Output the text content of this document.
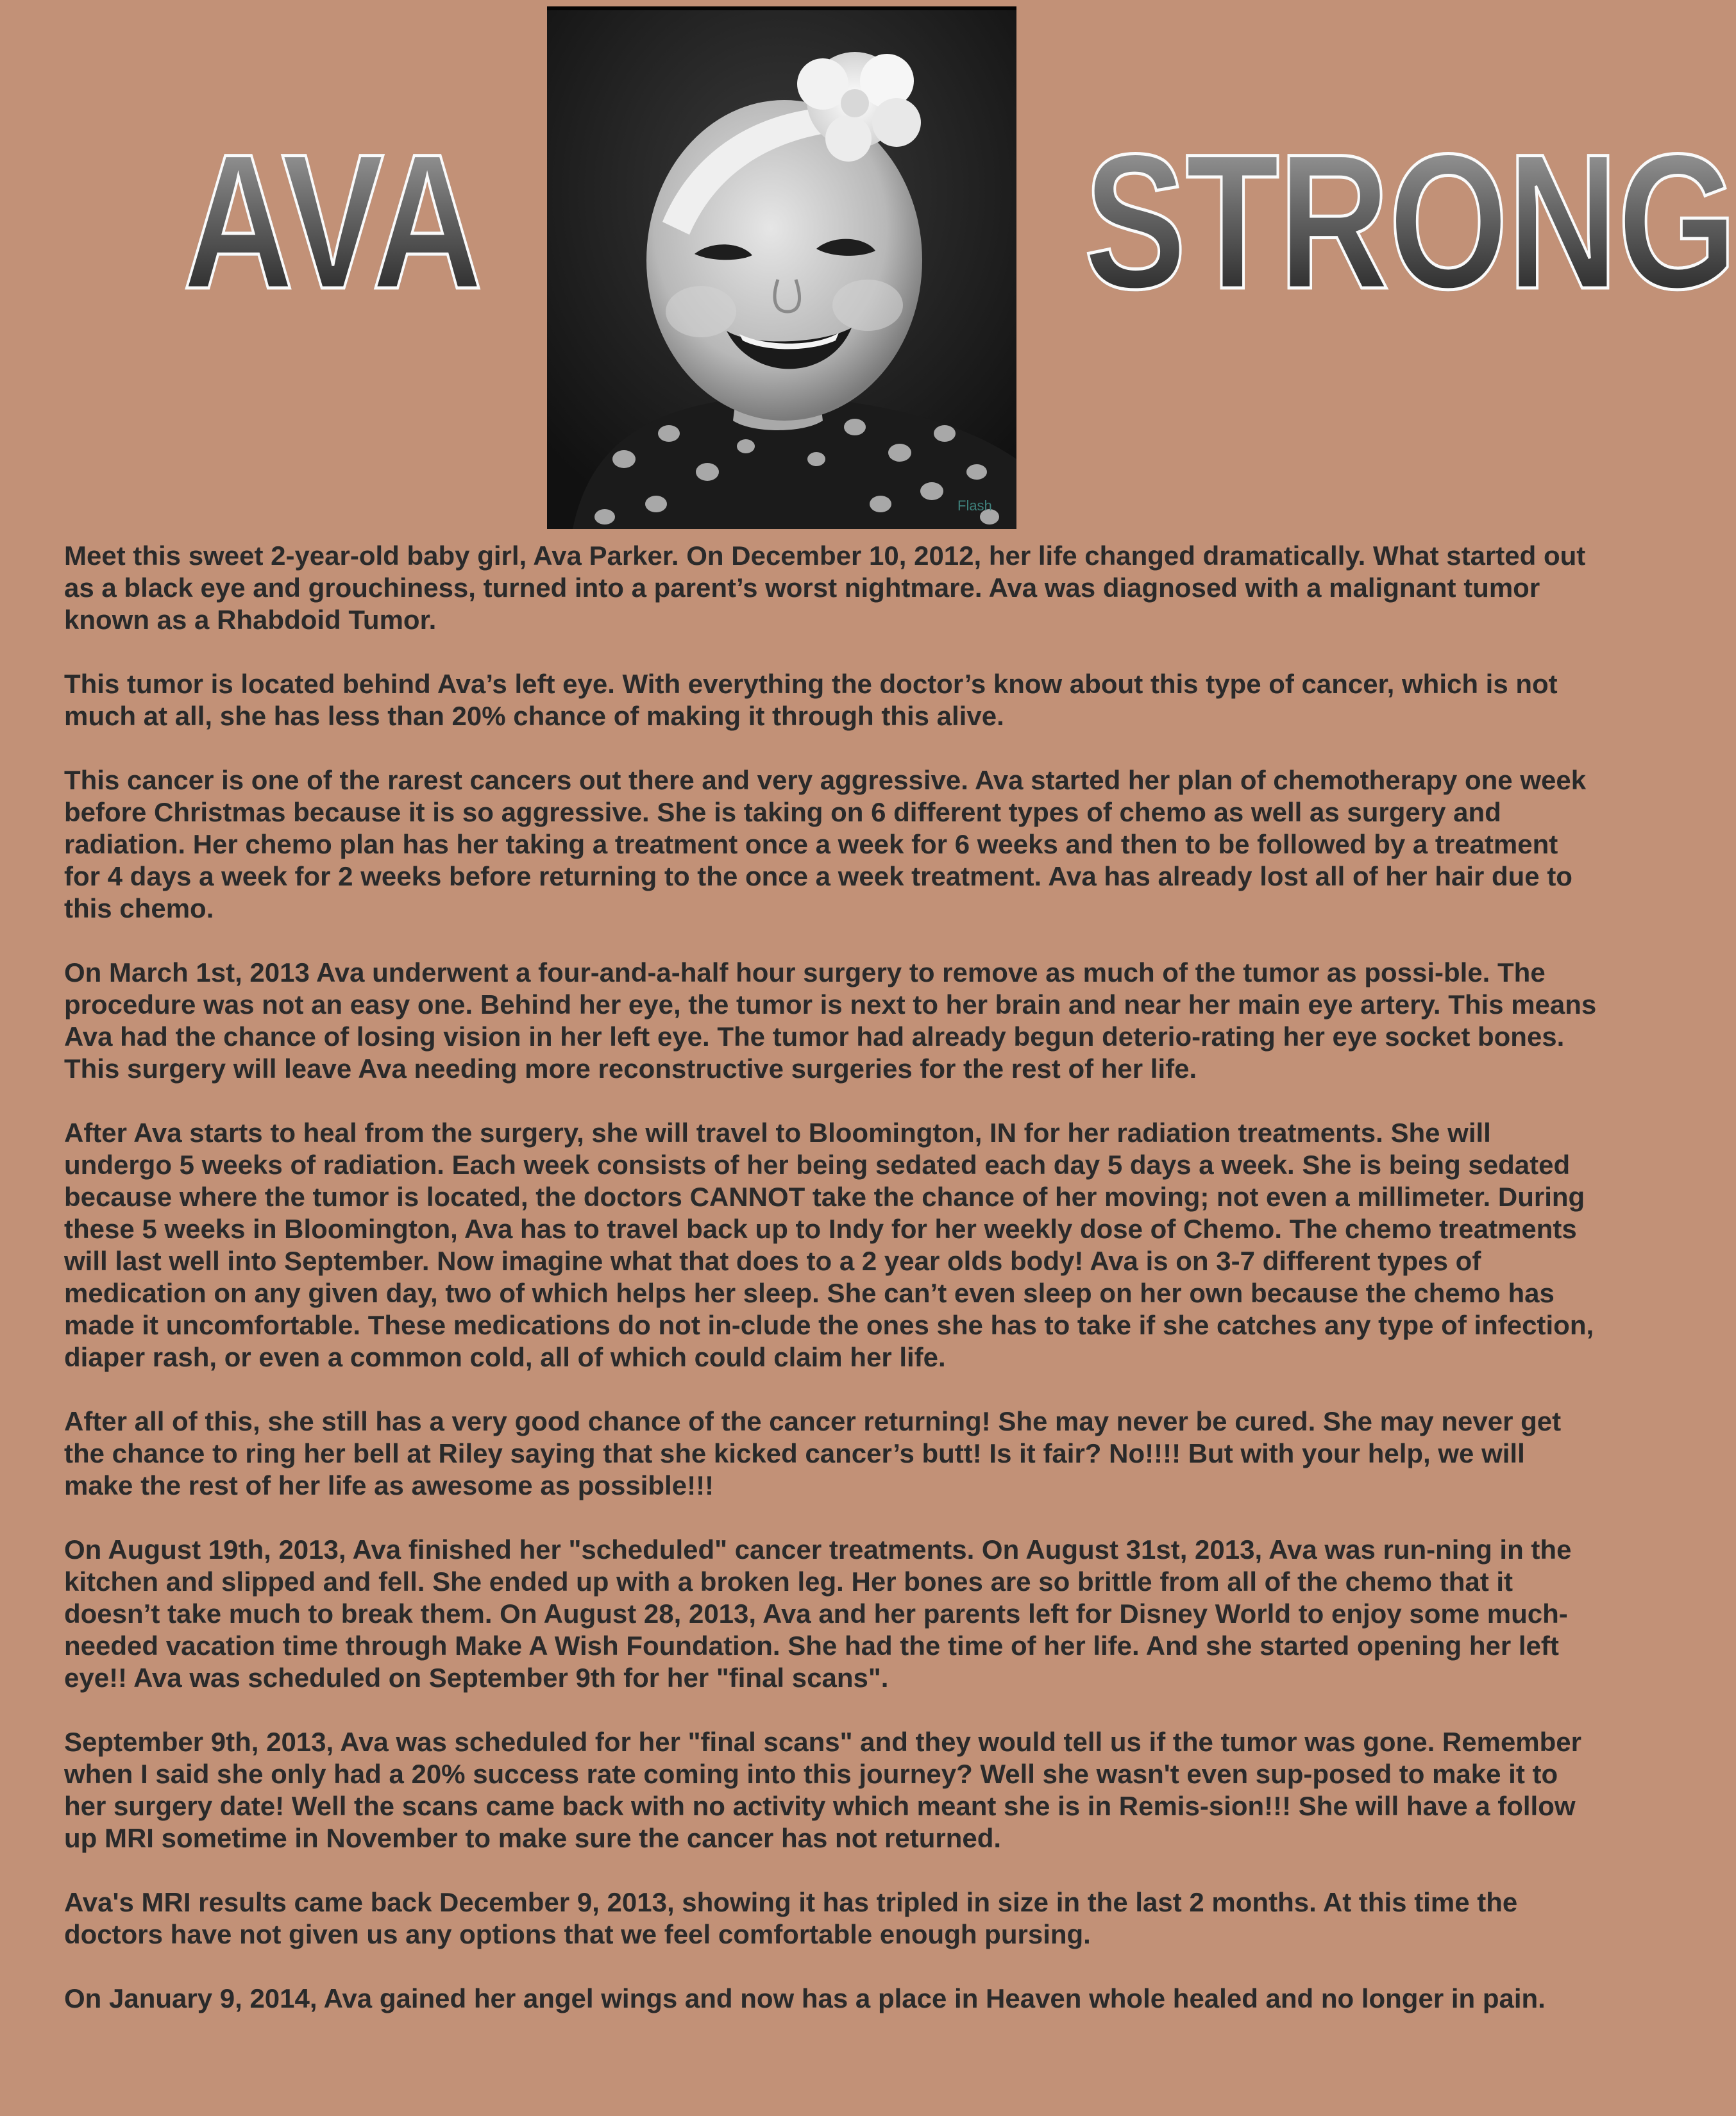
AVA
Flash
STRONG

Meet this sweet 2-year-old baby girl, Ava Parker. On December 10, 2012, her life changed dramatically. What started out as a black eye and grouchiness, turned into a parent’s worst nightmare. Ava was diagnosed with a malignant tumor known as a Rhabdoid Tumor.

This tumor is located behind Ava’s left eye. With everything the doctor’s know about this type of cancer, which is not much at all, she has less than 20% chance of making it through this alive.

This cancer is one of the rarest cancers out there and very aggressive. Ava started her plan of chemotherapy one week before Christmas because it is so aggressive. She is taking on 6 different types of chemo as well as surgery and radiation. Her chemo plan has her taking a treatment once a week for 6 weeks and then to be followed by a treatment for 4 days a week for 2 weeks before returning to the once a week treatment. Ava has already lost all of her hair due to this chemo.

On March 1st, 2013 Ava underwent a four-and-a-half hour surgery to remove as much of the tumor as possi-ble. The procedure was not an easy one. Behind her eye, the tumor is next to her brain and near her main eye artery. This means Ava had the chance of losing vision in her left eye. The tumor had already begun deterio-rating her eye socket bones. This surgery will leave Ava needing more reconstructive surgeries for the rest of her life.

After Ava starts to heal from the surgery, she will travel to Bloomington, IN for her radiation treatments. She will undergo 5 weeks of radiation. Each week consists of her being sedated each day 5 days a week. She is being sedated because where the tumor is located, the doctors CANNOT take the chance of her moving; not even a millimeter. During these 5 weeks in Bloomington, Ava has to travel back up to Indy for her weekly dose of Chemo. The chemo treatments will last well into September. Now imagine what that does to a 2 year olds body! Ava is on 3-7 different types of medication on any given day, two of which helps her sleep. She can’t even sleep on her own because the chemo has made it uncomfortable. These medications do not in-clude the ones she has to take if she catches any type of infection, diaper rash, or even a common cold, all of which could claim her life.

After all of this, she still has a very good chance of the cancer returning! She may never be cured. She may never get the chance to ring her bell at Riley saying that she kicked cancer’s butt! Is it fair? No!!!! But with your help, we will make the rest of her life as awesome as possible!!!

On August 19th, 2013, Ava finished her "scheduled" cancer treatments. On August 31st, 2013, Ava was run-ning in the kitchen and slipped and fell. She ended up with a broken leg. Her bones are so brittle from all of the chemo that it doesn’t take much to break them. On August 28, 2013, Ava and her parents left for Disney World to enjoy some much-needed vacation time through Make A Wish Foundation. She had the time of her life. And she started opening her left eye!! Ava was scheduled on September 9th for her "final scans".

September 9th, 2013, Ava was scheduled for her "final scans" and they would tell us if the tumor was gone. Remember when I said she only had a 20% success rate coming into this journey? Well she wasn't even sup-posed to make it to her surgery date! Well the scans came back with no activity which meant she is in Remis-sion!!! She will have a follow up MRI sometime in November to make sure the cancer has not returned.

Ava's MRI results came back December 9, 2013, showing it has tripled in size in the last 2 months. At this time the doctors have not given us any options that we feel comfortable enough pursing.

On January 9, 2014, Ava gained her angel wings and now has a place in Heaven whole healed and no longer in pain.
